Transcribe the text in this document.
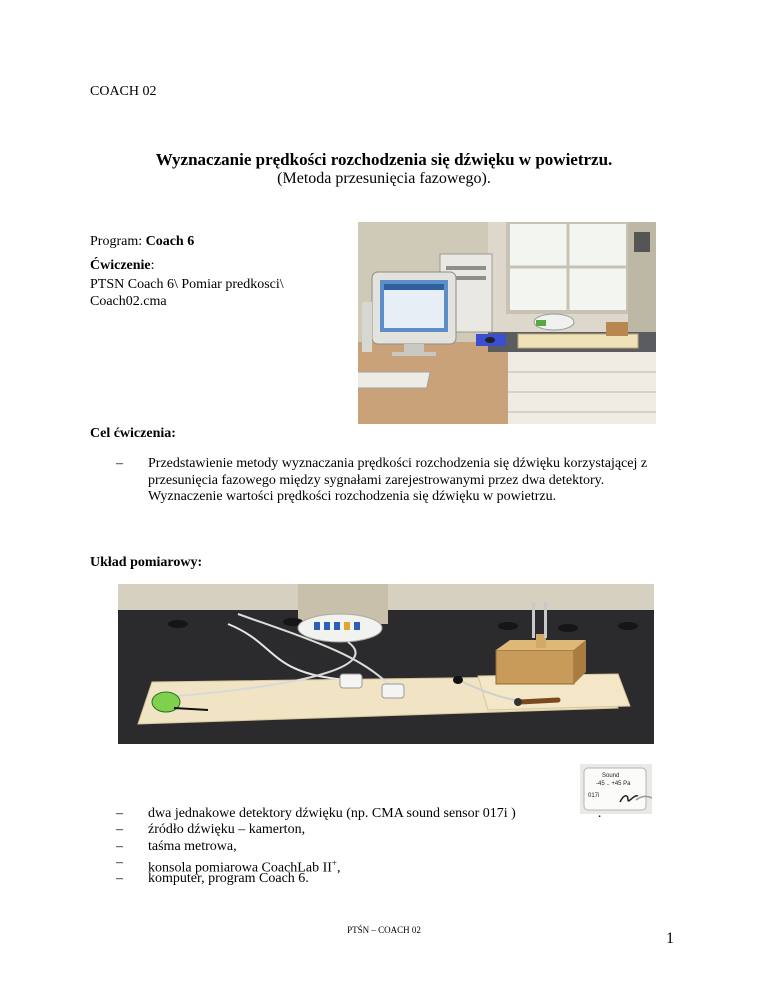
COACH 02
Wyznaczanie prędkości rozchodzenia się dźwięku w powietrzu.
(Metoda przesunięcia fazowego).
Program: Coach 6
Ćwiczenie:
PTSN Coach 6\ Pomiar predkosci\
Coach02.cma
Cel ćwiczenia:
– Przedstawienie metody wyznaczania prędkości rozchodzenia się dźwięku korzystającej z przesunięcia fazowego między sygnałami zarejestrowanymi przez dwa detektory. Wyznaczenie wartości prędkości rozchodzenia się dźwięku w powietrzu.
Układ pomiarowy:
Sound
-45 .. +45 Pa
017i
– dwa jednakowe detektory dźwięku (np. CMA sound sensor 017i )	.
– źródło dźwięku – kamerton,
– taśma metrowa,
– konsola pomiarowa CoachLab II+,
– komputer, program Coach 6.
PTŚN – COACH 02	1
